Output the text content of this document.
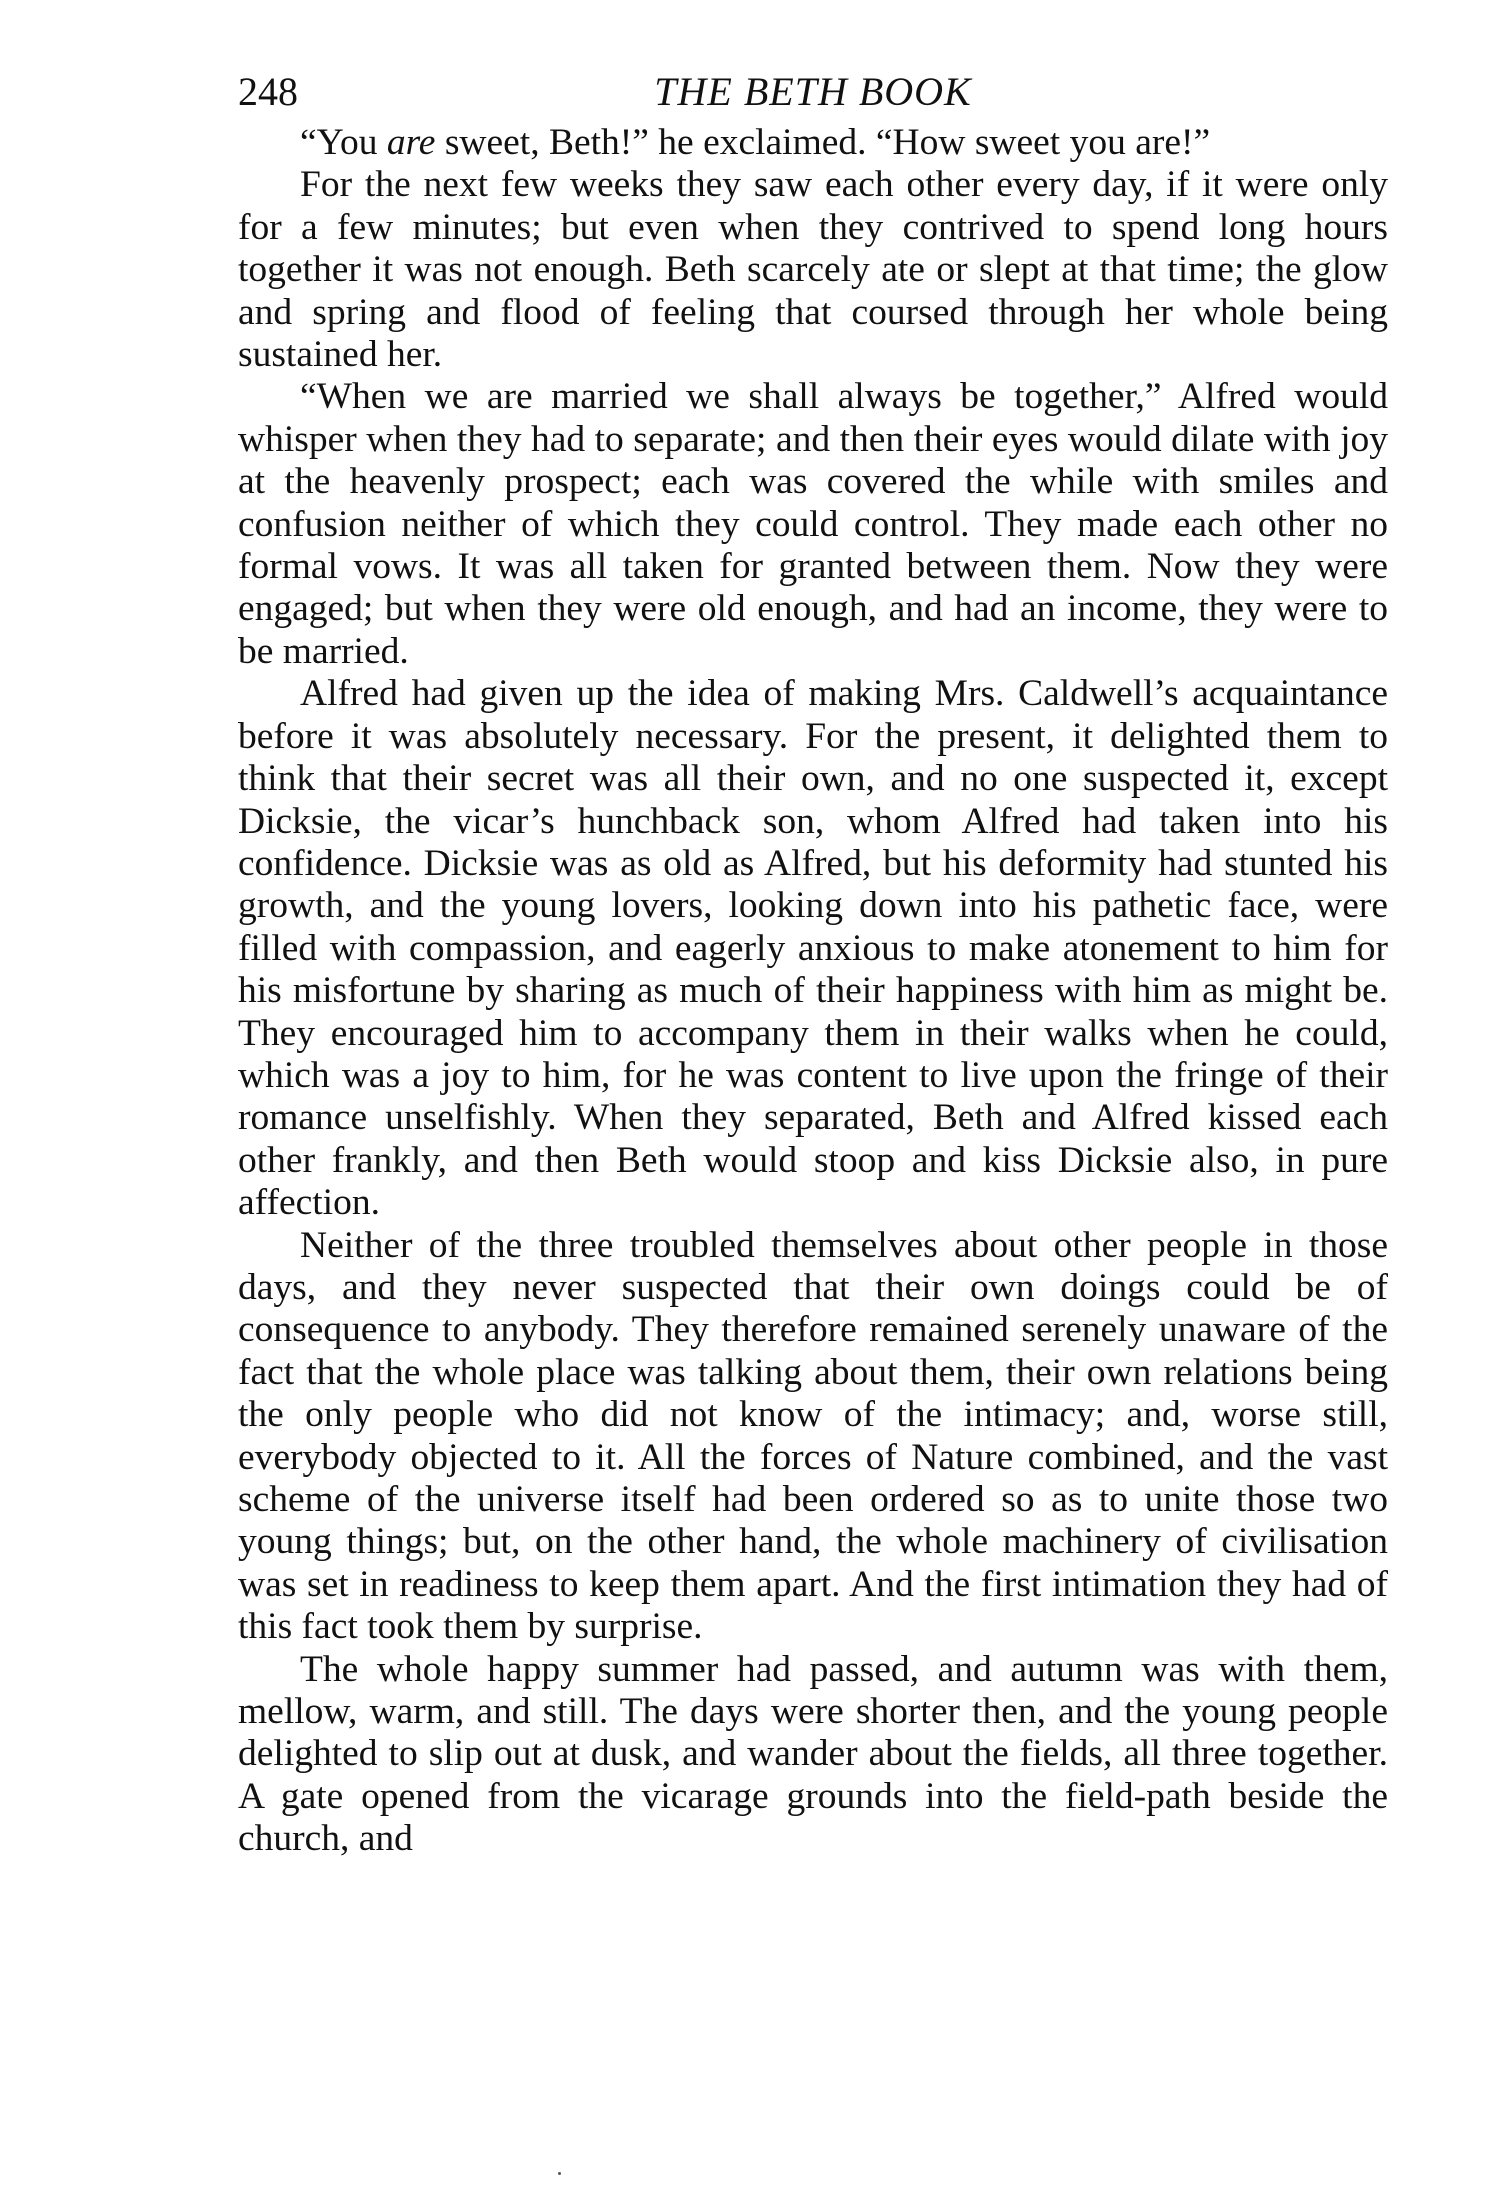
248	THE BETH BOOK

“You are sweet, Beth!” he exclaimed. “How sweet you are!”

For the next few weeks they saw each other every day, if it were only for a few minutes; but even when they contrived to spend long hours together it was not enough. Beth scarcely ate or slept at that time; the glow and spring and flood of feeling that coursed through her whole being sustained her.

“When we are married we shall always be together,” Alfred would whisper when they had to separate; and then their eyes would dilate with joy at the heavenly prospect; each was covered the while with smiles and confusion neither of which they could control. They made each other no formal vows. It was all taken for granted between them. Now they were engaged; but when they were old enough, and had an income, they were to be married.

Alfred had given up the idea of making Mrs. Caldwell’s acquaintance before it was absolutely necessary. For the present, it delighted them to think that their secret was all their own, and no one suspected it, except Dicksie, the vicar’s hunchback son, whom Alfred had taken into his confidence. Dicksie was as old as Alfred, but his deformity had stunted his growth, and the young lovers, looking down into his pathetic face, were filled with compassion, and eagerly anxious to make atonement to him for his misfortune by sharing as much of their happiness with him as might be. They encouraged him to accompany them in their walks when he could, which was a joy to him, for he was content to live upon the fringe of their romance unselfishly. When they separated, Beth and Alfred kissed each other frankly, and then Beth would stoop and kiss Dicksie also, in pure affection.

Neither of the three troubled themselves about other people in those days, and they never suspected that their own doings could be of consequence to anybody. They therefore remained serenely unaware of the fact that the whole place was talking about them, their own relations being the only people who did not know of the intimacy; and, worse still, everybody objected to it. All the forces of Nature combined, and the vast scheme of the universe itself had been ordered so as to unite those two young things; but, on the other hand, the whole machinery of civilisation was set in readiness to keep them apart. And the first intimation they had of this fact took them by surprise.

The whole happy summer had passed, and autumn was with them, mellow, warm, and still. The days were shorter then, and the young people delighted to slip out at dusk, and wander about the fields, all three together. A gate opened from the vicarage grounds into the field-path beside the church, and
